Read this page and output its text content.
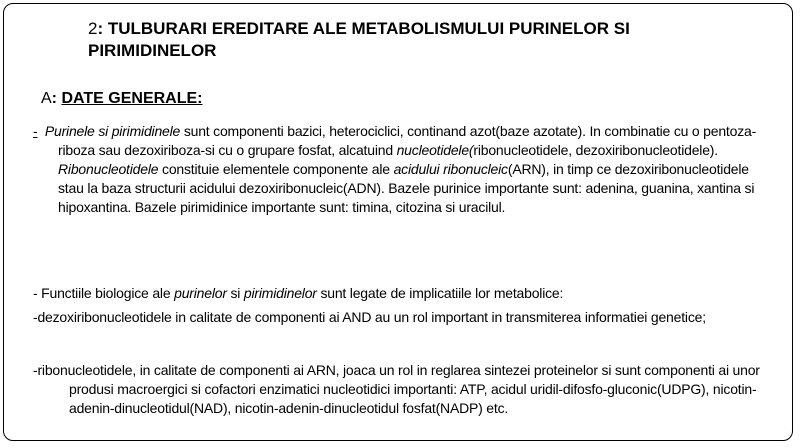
2: TULBURARI EREDITARE ALE METABOLISMULUI PURINELOR SI PIRIMIDINELOR
A: DATE GENERALE:
- Purinele si pirimidinele sunt componenti bazici, heterociclici, continand azot(baze azotate). In combinatie cu o pentoza-riboza sau dezoxiriboza-si cu o grupare fosfat, alcatuind nucleotidele(ribonucleotidele, dezoxiribonucleotidele). Ribonucleotidele constituie elementele componente ale acidului ribonucleic(ARN), in timp ce dezoxiribonucleotidele stau la baza structurii acidului dezoxiribonucleic(ADN). Bazele purinice importante sunt: adenina, guanina, xantina si hipoxantina. Bazele pirimidinice importante sunt: timina, citozina si uracilul.
- Functiile biologice ale purinelor si pirimidinelor sunt legate de implicatiile lor metabolice:
-dezoxiribonucleotidele in calitate de componenti ai AND au un rol important in transmiterea informatiei genetice;
-ribonucleotidele, in calitate de componenti ai ARN, joaca un rol in reglarea sintezei proteinelor si sunt componenti ai unor produsi macroergici si cofactori enzimatici nucleotidici importanti: ATP, acidul uridil-difosfo-gluconic(UDPG), nicotin-adenin-dinucleotidul(NAD), nicotin-adenin-dinucleotidul fosfat(NADP) etc.
